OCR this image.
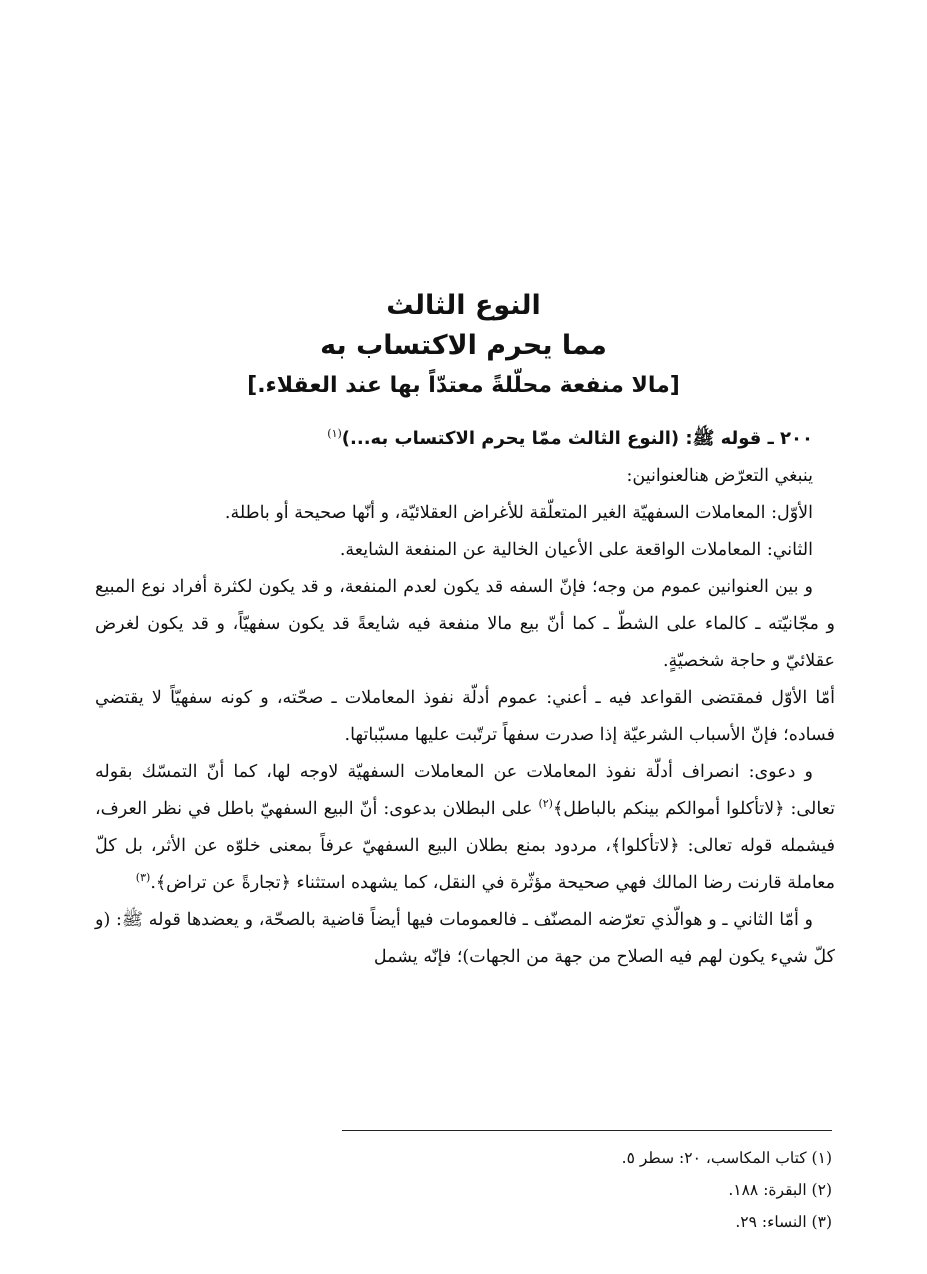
النوع الثالث
مما يحرم الاكتساب به
[مالا منفعة محلّلةً معتدّاً بها عند العقلاء.]

٢٠٠ ـ قوله ﷺ: (النوع الثالث ممّا يحرم الاكتساب به...)$^{(١)}$

ينبغي التعرّض هنالعنوانين:

الأوّل: المعاملات السفهيّة الغير المتعلّقة للأغراض العقلائيّة، و أنّها صحيحة أو باطلة.

الثاني: المعاملات الواقعة على الأعيان الخالية عن المنفعة الشايعة.

و بين العنوانين عموم من وجه؛ فإنّ السفه قد يكون لعدم المنفعة، و قد يكون لكثرة أفراد نوع المبيع و مجّانيّته ـ كالماء على الشطّ ـ كما أنّ بيع مالا منفعة فيه شايعةً قد يكون سفهيّاً، و قد يكون لغرض عقلائيّ و حاجة شخصيّةٍ.

أمّا الأوّل فمقتضى القواعد فيه ـ أعني: عموم أدلّة نفوذ المعاملات ـ صحّته، و كونه سفهيّاً لا يقتضي فساده؛ فإنّ الأسباب الشرعيّة إذا صدرت سفهاً ترتّبت عليها مسبّباتها.

و دعوى: انصراف أدلّة نفوذ المعاملات عن المعاملات السفهيّة لاوجه لها، كما أنّ التمسّك بقوله تعالى: ﴿لاتأكلوا أموالكم بينكم بالباطل﴾$^{(٢)}$ على البطلان بدعوى: أنّ البيع السفهيّ باطل في نظر العرف، فيشمله قوله تعالى: ﴿لاتأكلوا﴾، مردود بمنع بطلان البيع السفهيّ عرفاً بمعنى خلوّه عن الأثر، بل كلّ معاملة قارنت رضا المالك فهي صحيحة مؤثّرة في النقل، كما يشهده استثناء ﴿تجارةً عن تراض﴾.$^{(٣)}$

و أمّا الثاني ـ و هوالّذي تعرّضه المصنّف ـ فالعمومات فيها أيضاً قاضية بالصحّة، و يعضدها قوله ﷺ: (و كلّ شيء يكون لهم فيه الصلاح من جهة من الجهات)؛ فإنّه يشمل

(١) كتاب المكاسب، ٢٠: سطر ٥.
(٢) البقرة: ١٨٨.
(٣) النساء: ٢٩.
